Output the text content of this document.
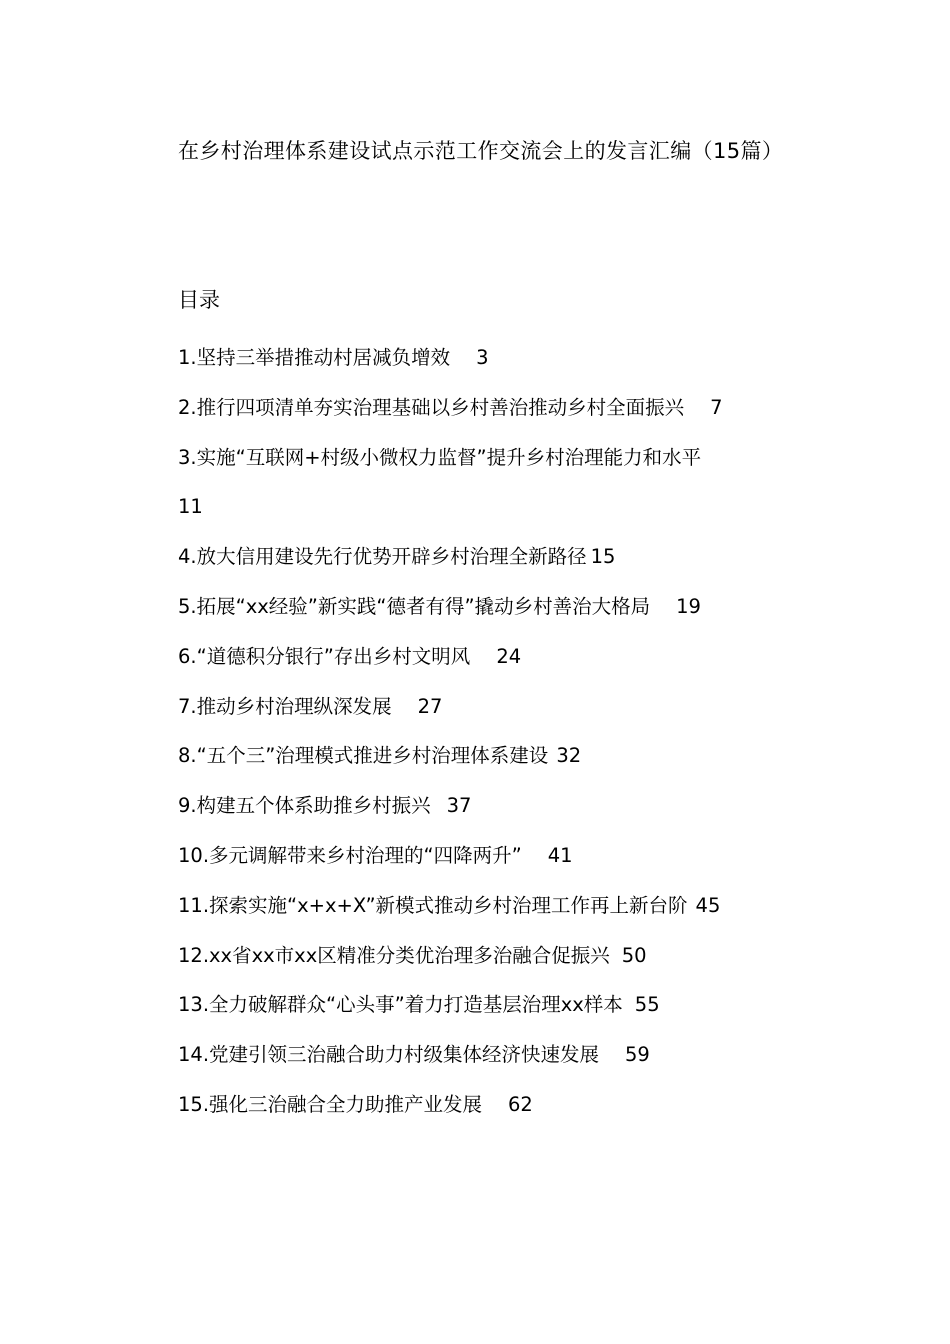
在乡村治理体系建设试点示范工作交流会上的发言汇编（15篇）
目录
1.坚持三举措推动村居减负增效 3
2.推行四项清单夯实治理基础以乡村善治推动乡村全面振兴 7
3.实施“互联网+村级小微权力监督”提升乡村治理能力和水平
11
4.放大信用建设先行优势开辟乡村治理全新路径 15
5.拓展“xx经验”新实践“德者有得”撬动乡村善治大格局 19
6.“道德积分银行”存出乡村文明风 24
7.推动乡村治理纵深发展 27
8.“五个三”治理模式推进乡村治理体系建设 32
9.构建五个体系助推乡村振兴 37
10.多元调解带来乡村治理的“四降两升” 41
11.探索实施“x+x+X”新模式推动乡村治理工作再上新台阶 45
12.xx省xx市xx区精准分类优治理多治融合促振兴 50
13.全力破解群众“心头事”着力打造基层治理xx样本 55
14.党建引领三治融合助力村级集体经济快速发展 59
15.强化三治融合全力助推产业发展 62
